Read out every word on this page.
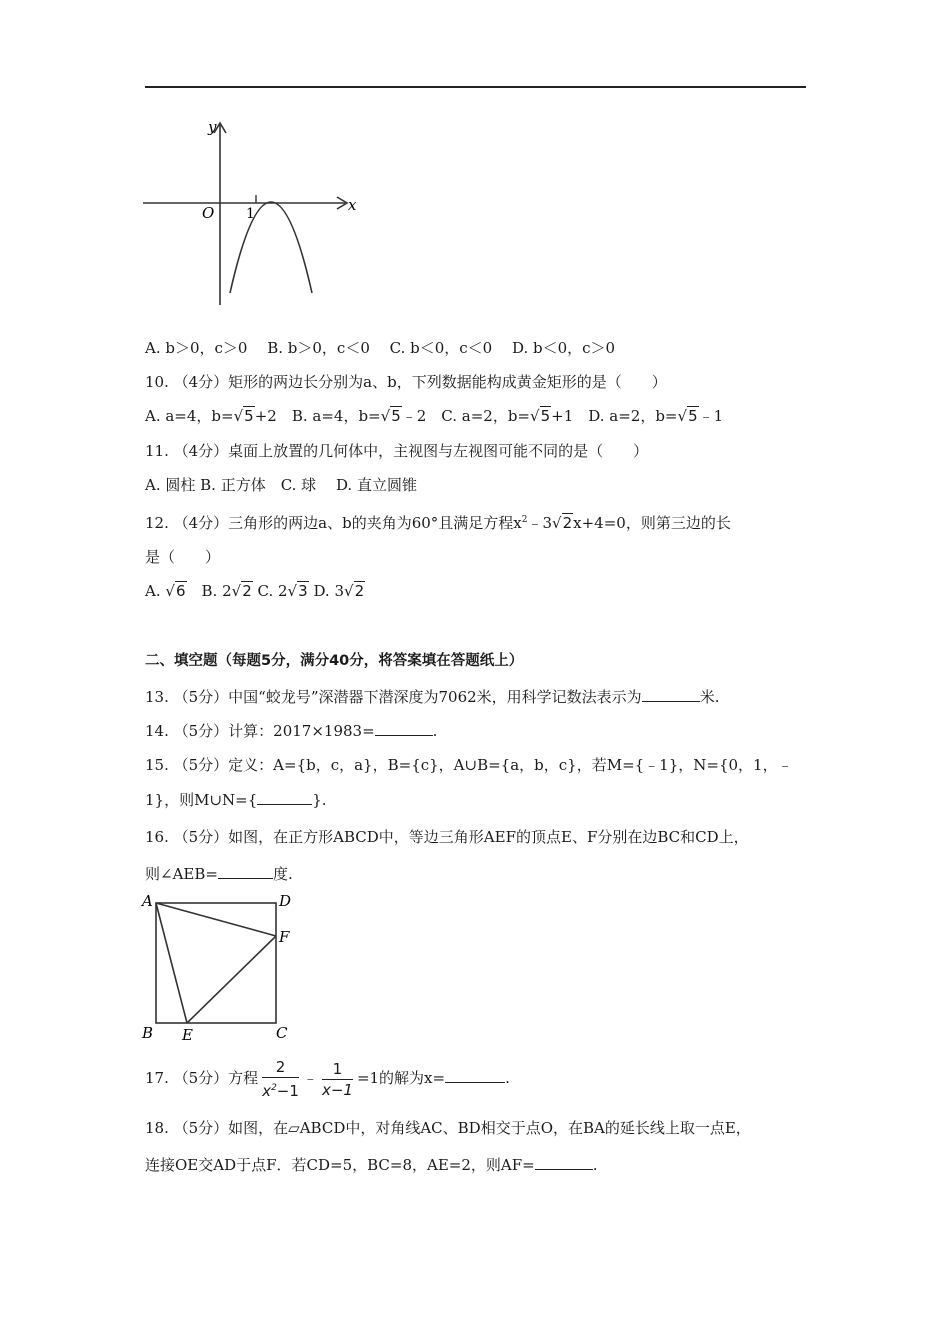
y
x
O 1
A. b＞0，c＞0　 B. b＞0，c＜0　 C. b＜0，c＜0　 D. b＜0，c＞0
10. （4分）矩形的两边长分别为a、b，下列数据能构成黄金矩形的是（　　）
A. a=4，b=√5+2　B. a=4，b=√5﹣2　C. a=2，b=√5+1　D. a=2，b=√5﹣1
11. （4分）桌面上放置的几何体中，主视图与左视图可能不同的是（　　）
A. 圆柱 B. 正方体　C. 球　 D. 直立圆锥
12. （4分）三角形的两边a、b的夹角为60°且满足方程$x^2﹣3√2x+4=0$，则第三边的长
是（　　）
A. √6　 B. 2√2 C. 2√3 D. 3√2
二、填空题（每题5分，满分40分，将答案填在答题纸上）
13. （5分）中国“蛟龙号”深潜器下潜深度为7062米，用科学记数法表示为	米.
14. （5分）计算：2017×1983=	.
15. （5分）定义：A={b，c，a}，B={c}，A∪B={a，b，c}，若M={﹣1}，N={0，1，﹣
1}，则M∪N={	}.
16. （5分）如图，在正方形ABCD中，等边三角形AEF的顶点E、F分别在边BC和CD上，
则∠AEB=	度.
A	D
F
B E	C
17. （5分）方程 $\frac{2}{x^2-1}$ ﹣ $\frac{1}{x-1} =1$的解为x=	.
18. （5分）如图，在▱ABCD中，对角线AC、BD相交于点O，在BA的延长线上取一点E，
连接OE交AD于点F．若CD=5，BC=8，AE=2，则AF=	.
